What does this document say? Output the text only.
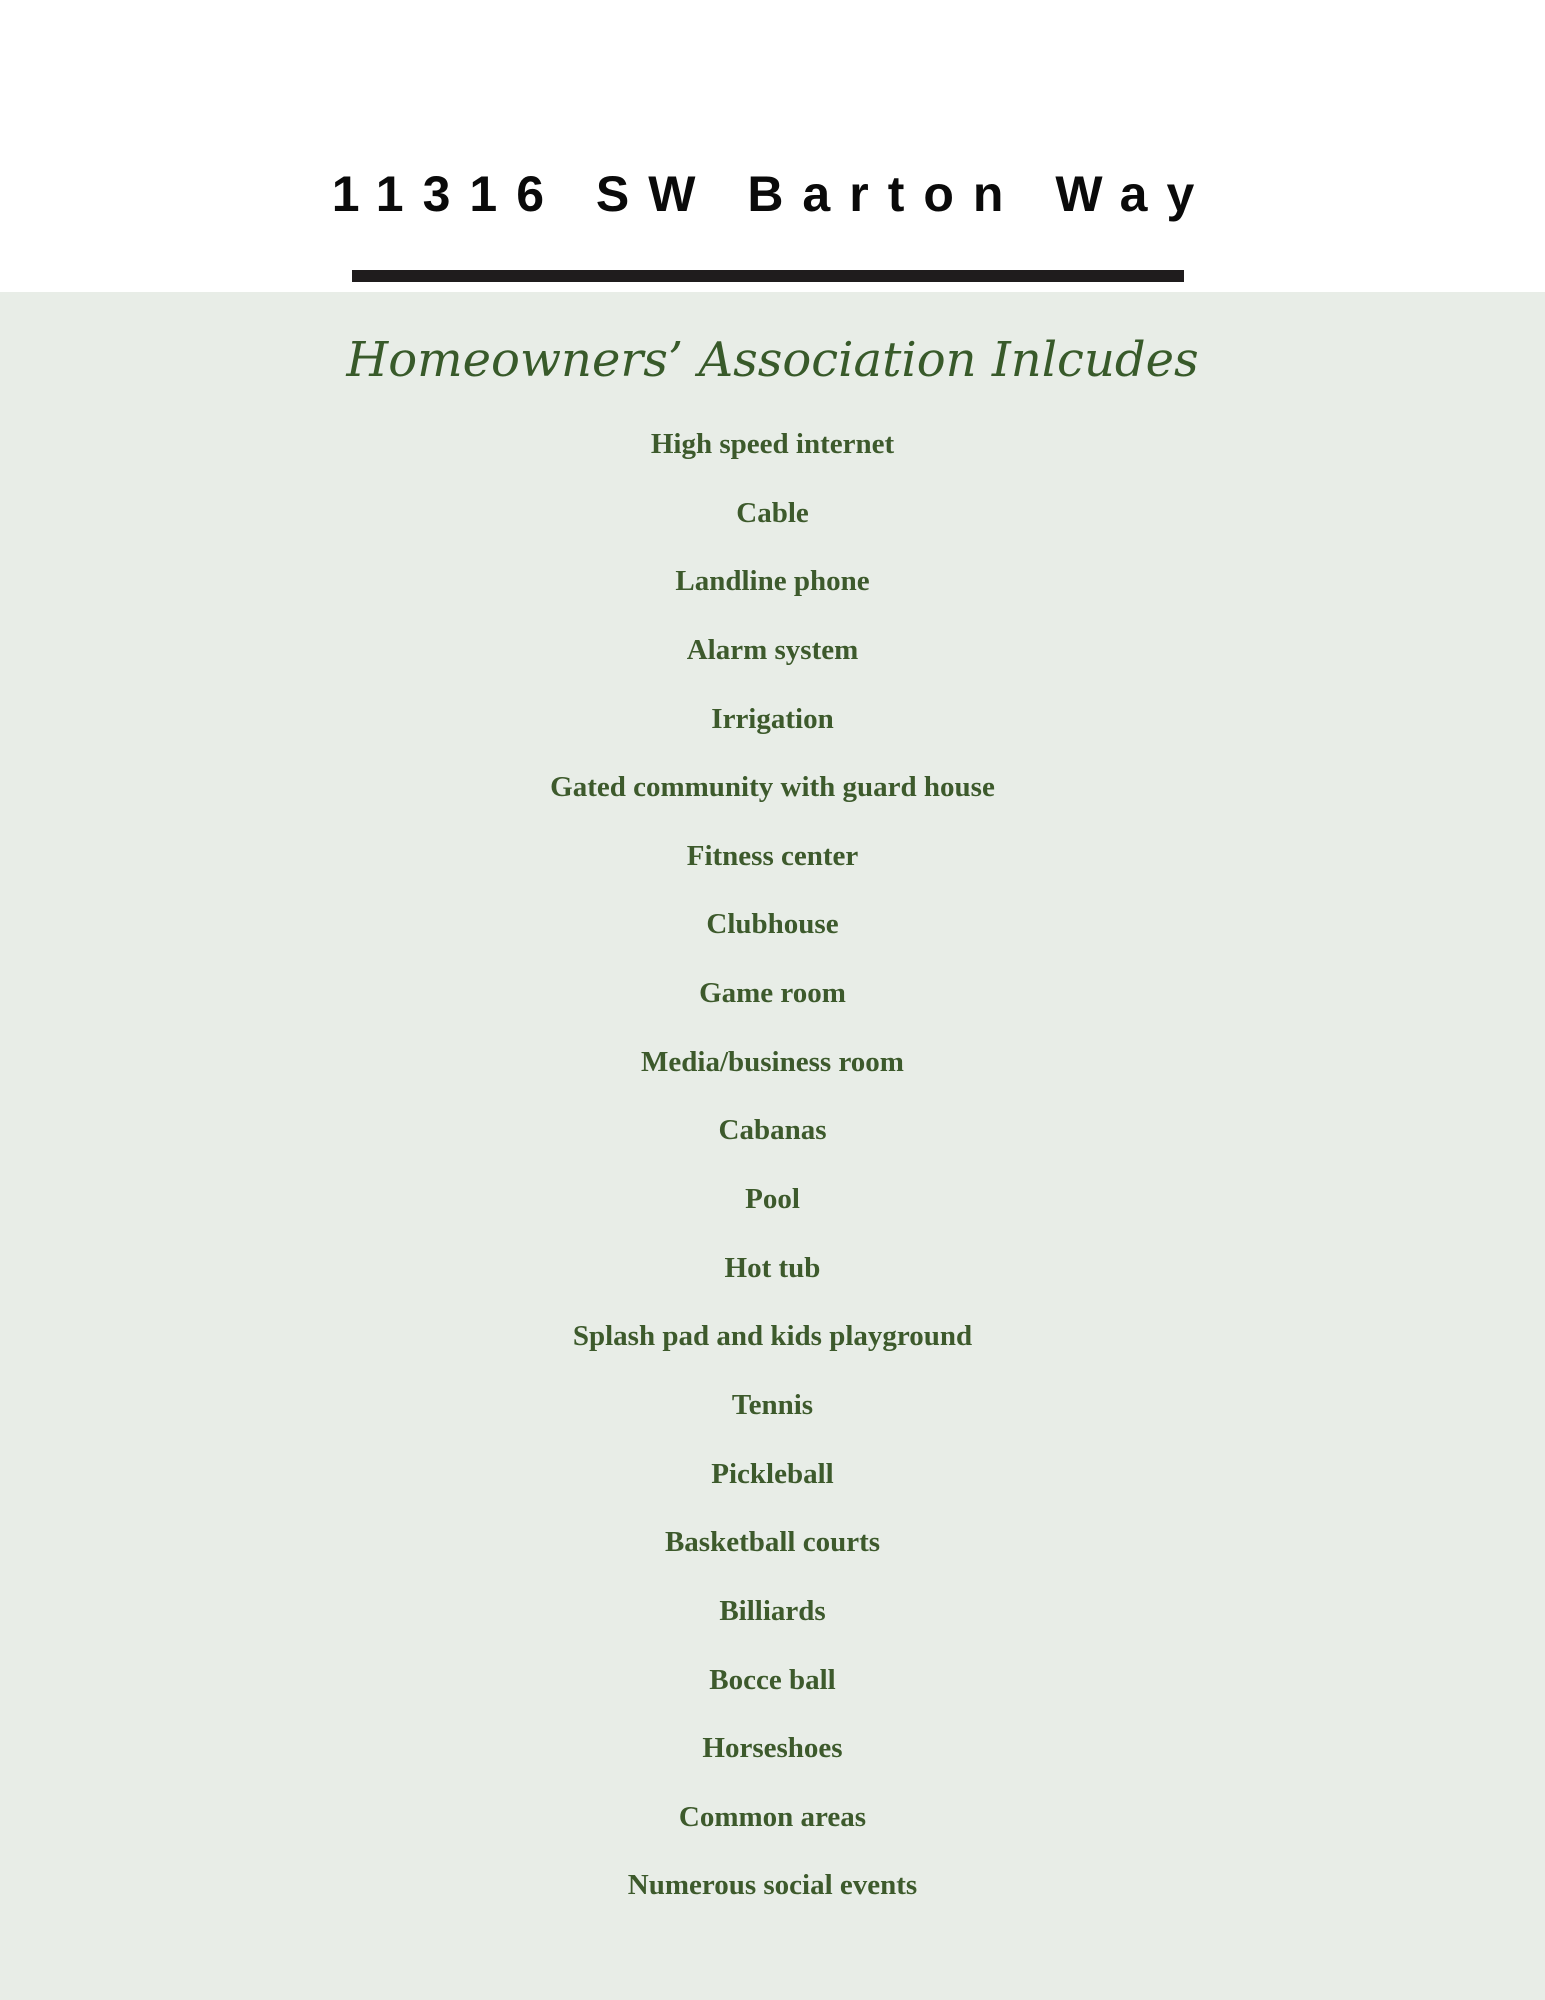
11316 SW Barton Way
Homeowners’ Association Inlcudes
High speed internet
Cable
Landline phone
Alarm system
Irrigation
Gated community with guard house
Fitness center
Clubhouse
Game room
Media/business room
Cabanas
Pool
Hot tub
Splash pad and kids playground
Tennis
Pickleball
Basketball courts
Billiards
Bocce ball
Horseshoes
Common areas
Numerous social events
